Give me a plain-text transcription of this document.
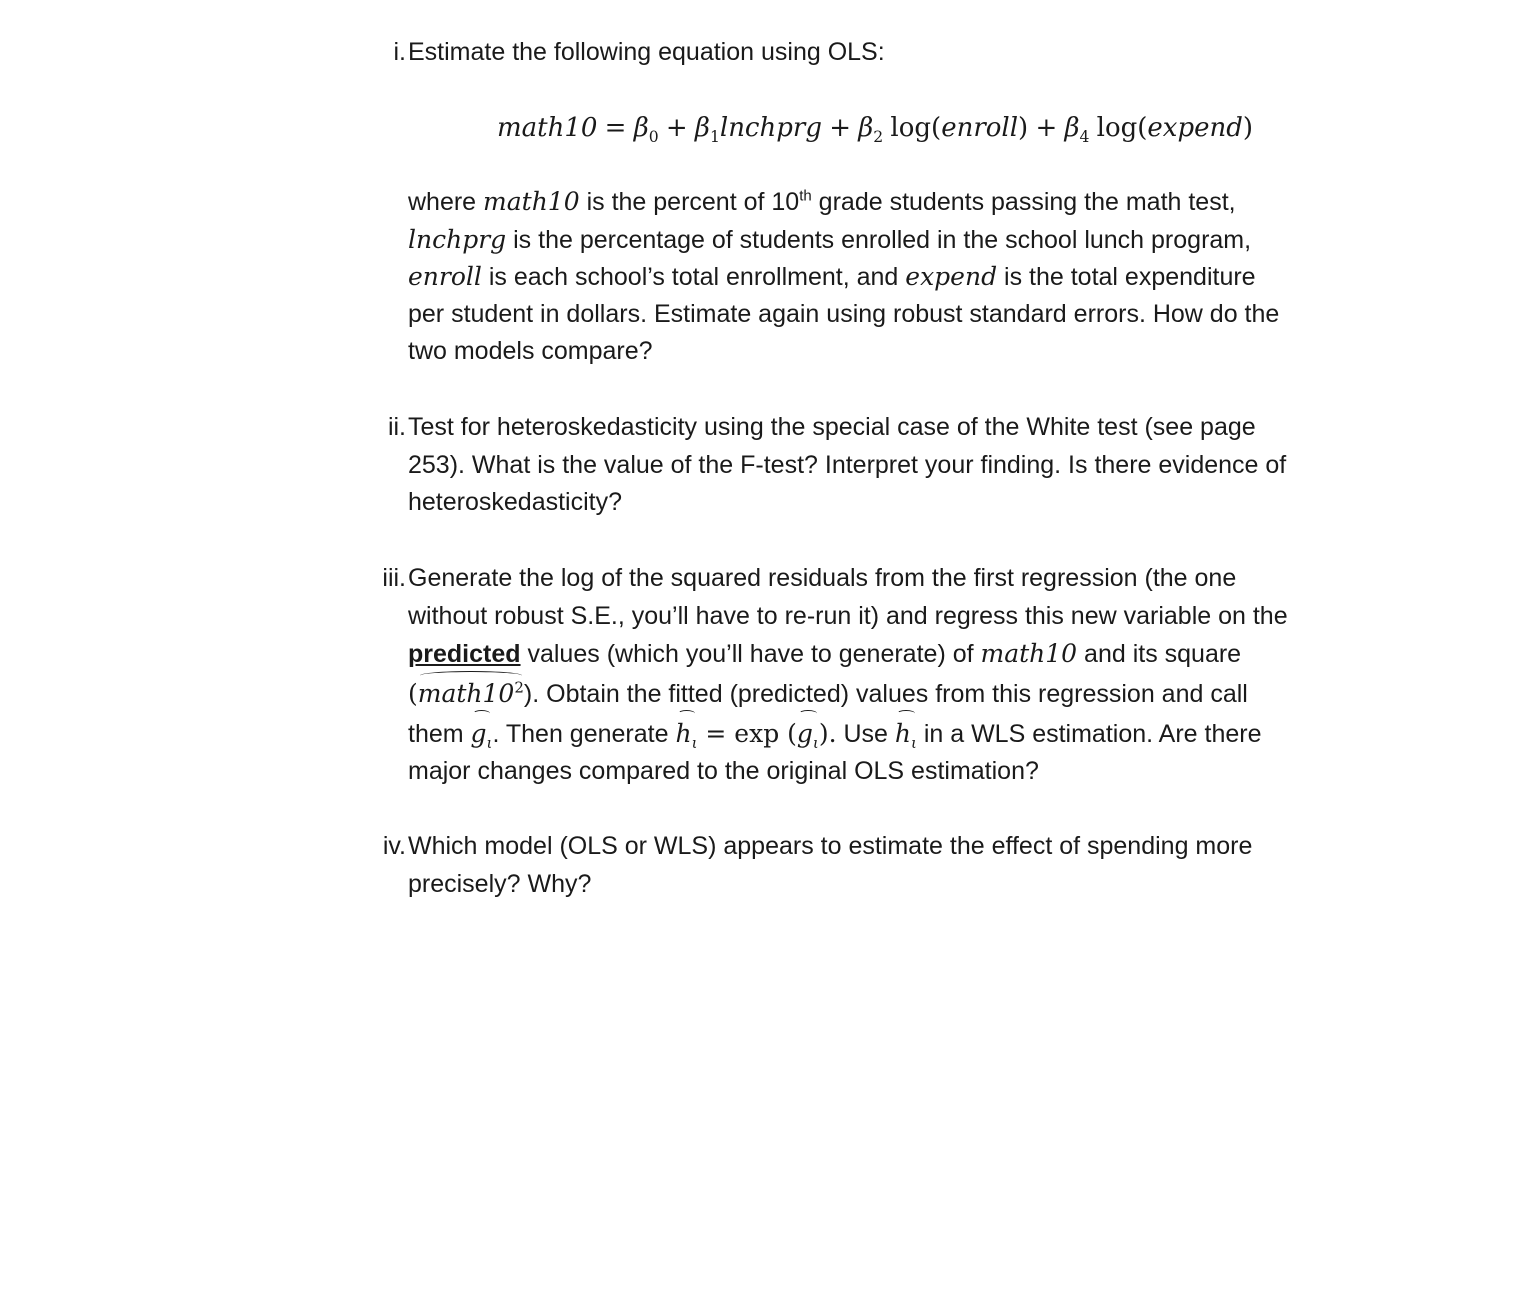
i. Estimate the following equation using OLS:
math10 = $\beta_0$ + $\beta_1lnchprg + \beta_2$ log(enroll) + $\beta_4$ log(expend)
where math10 is the percent of 10th grade students passing the math test,
lnchprg is the percentage of students enrolled in the school lunch program,
enroll is each school’s total enrollment, and expend is the total expenditure
per student in dollars. Estimate again using robust standard errors. How do the
two models compare?
ii. Test for heteroskedasticity using the special case of the White test (see page
253). What is the value of the F-test? Interpret your finding. Is there evidence of
heteroskedasticity?
iii. Generate the log of the squared residuals from the first regression (the one
without robust S.E., you’ll have to re-run it) and regress this new variable on the
predicted values (which you’ll have to generate) of math10 and its square
$(math10^2)$. Obtain the fitted (predicted) values from this regression and call
them $g_\iota$. Then generate $h_\iota = \exp (g_\iota)$. Use $h_\iota$ in a WLS estimation. Are there
major changes compared to the original OLS estimation?
iv. Which model (OLS or WLS) appears to estimate the effect of spending more
precisely? Why?
